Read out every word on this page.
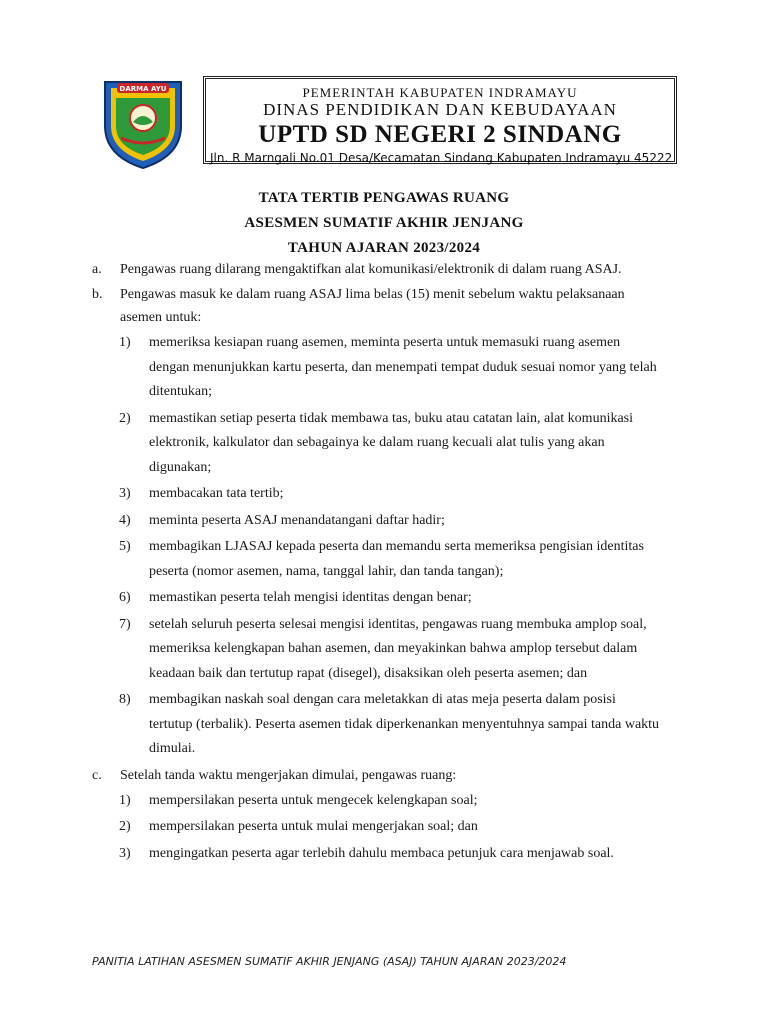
DARMA AYU	PEMERINTAH KABUPATEN INDRAMAYU
DINAS PENDIDIKAN DAN KEBUDAYAAN
UPTD SD NEGERI 2 SINDANG
Jln. R Marngali No.01 Desa/Kecamatan Sindang Kabupaten Indramayu 45222
TATA TERTIB PENGAWAS RUANG
ASESMEN SUMATIF AKHIR JENJANG
TAHUN AJARAN 2023/2024
a. Pengawas ruang dilarang mengaktifkan alat komunikasi/elektronik di dalam ruang ASAJ.
b. Pengawas masuk ke dalam ruang ASAJ lima belas (15) menit sebelum waktu pelaksanaan asemen untuk:
1) memeriksa kesiapan ruang asemen, meminta peserta untuk memasuki ruang asemen dengan menunjukkan kartu peserta, dan menempati tempat duduk sesuai nomor yang telah ditentukan;
2) memastikan setiap peserta tidak membawa tas, buku atau catatan lain, alat komunikasi elektronik, kalkulator dan sebagainya ke dalam ruang kecuali alat tulis yang akan digunakan;
3) membacakan tata tertib;
4) meminta peserta ASAJ menandatangani daftar hadir;
5) membagikan LJASAJ kepada peserta dan memandu serta memeriksa pengisian identitas peserta (nomor asemen, nama, tanggal lahir, dan tanda tangan);
6) memastikan peserta telah mengisi identitas dengan benar;
7) setelah seluruh peserta selesai mengisi identitas, pengawas ruang membuka amplop soal, memeriksa kelengkapan bahan asemen, dan meyakinkan bahwa amplop tersebut dalam keadaan baik dan tertutup rapat (disegel), disaksikan oleh peserta asemen; dan
8) membagikan naskah soal dengan cara meletakkan di atas meja peserta dalam posisi tertutup (terbalik). Peserta asemen tidak diperkenankan menyentuhnya sampai tanda waktu dimulai.
c. Setelah tanda waktu mengerjakan dimulai, pengawas ruang:
1) mempersilakan peserta untuk mengecek kelengkapan soal;
2) mempersilakan peserta untuk mulai mengerjakan soal; dan
3) mengingatkan peserta agar terlebih dahulu membaca petunjuk cara menjawab soal.
PANITIA LATIHAN ASESMEN SUMATIF AKHIR JENJANG (ASAJ) TAHUN AJARAN 2023/2024
